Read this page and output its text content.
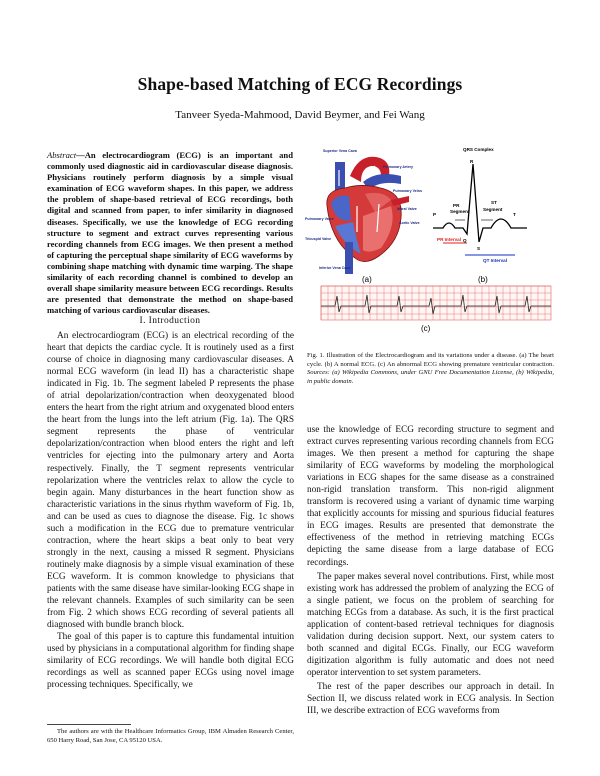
Shape-based Matching of ECG Recordings
Tanveer Syeda-Mahmood, David Beymer, and Fei Wang
Abstract—An electrocardiogram (ECG) is an important and commonly used diagnostic aid in cardiovascular disease diagnosis. Physicians routinely perform diagnosis by a simple visual examination of ECG waveform shapes. In this paper, we address the problem of shape-based retrieval of ECG recordings, both digital and scanned from paper, to infer similarity in diagnosed diseases. Specifically, we use the knowledge of ECG recording structure to segment and extract curves representing various recording channels from ECG images. We then present a method of capturing the perceptual shape similarity of ECG waveforms by combining shape matching with dynamic time warping. The shape similarity of each recording channel is combined to develop an overall shape similarity measure between ECG recordings. Results are presented that demonstrate the method on shape-based matching of various cardiovascular diseases.
I. Introduction

An electrocardiogram (ECG) is an electrical recording of the heart that depicts the cardiac cycle. It is routinely used as a first course of choice in diagnosing many cardiovascular diseases. A normal ECG waveform (in lead II) has a characteristic shape indicated in Fig. 1b. The segment labeled P represents the phase of atrial depolarization/contraction when deoxygenated blood enters the heart from the right atrium and oxygenated blood enters the heart from the lungs into the left atrium (Fig. 1a). The QRS segment represents the phase of ventricular depolarization/contraction when blood enters the right and left ventricles for ejecting into the pulmonary artery and Aorta respectively. Finally, the T segment represents ventricular repolarization where the ventricles relax to allow the cycle to begin again. Many disturbances in the heart function show as characteristic variations in the sinus rhythm waveform of Fig. 1b, and can be used as cues to diagnose the disease. Fig. 1c shows such a modification in the ECG due to premature ventricular contraction, where the heart skips a beat only to beat very strongly in the next, causing a missed R segment. Physicians routinely make diagnosis by a simple visual examination of these ECG waveform. It is common knowledge to physicians that patients with the same disease have similar-looking ECG shape in the relevant channels. Examples of such similarity can be seen from Fig. 2 which shows ECG recording of several patients all diagnosed with bundle branch block.

The goal of this paper is to capture this fundamental intuition used by physicians in a computational algorithm for finding shape similarity of ECG recordings. We will handle both digital ECG recordings as well as scanned paper ECGs using novel image processing techniques. Specifically, we

The authors are with the Healthcare Informatics Group, IBM Almaden Research Center, 650 Harry Road, San Jose, CA 95120 USA.

Superior Vena Cava
Pulmonary Artery
Pulmonary Veins
Mitral Valve
Aortic Valve
Pulmonary Valve
Tricuspid Valve
Inferior Vena Cava
(a)
QRS Complex
R
ST
Segment
PR
Segment
P	T
PR Interval Q
S
QT Interval
(b)
(c)
Fig. 1. Illustration of the Electrocardiogram and its variations under a disease. (a) The heart cycle. (b) A normal ECG. (c) An abnormal ECG showing premature ventricular contraction. Sources: (a) Wikipedia Commons, under GNU Free Documentation License, (b) Wikipedia, in public domain.

use the knowledge of ECG recording structure to segment and extract curves representing various recording channels from ECG images. We then present a method for capturing the shape similarity of ECG waveforms by modeling the morphological variations in ECG shapes for the same disease as a constrained non-rigid translation transform. This non-rigid alignment transform is recovered using a variant of dynamic time warping that explicitly accounts for missing and spurious fiducial features in ECG images. Results are presented that demonstrate the effectiveness of the method in retrieving matching ECGs depicting the same disease from a large database of ECG recordings.

The paper makes several novel contributions. First, while most existing work has addressed the problem of analyzing the ECG of a single patient, we focus on the problem of searching for matching ECGs from a database. As such, it is the first practical application of content-based retrieval techniques for diagnosis validation during decision support. Next, our system caters to both scanned and digital ECGs. Finally, our ECG waveform digitization algorithm is fully automatic and does not need operator intervention to set system parameters.

The rest of the paper describes our approach in detail. In Section II, we discuss related work in ECG analysis. In Section III, we describe extraction of ECG waveforms from
